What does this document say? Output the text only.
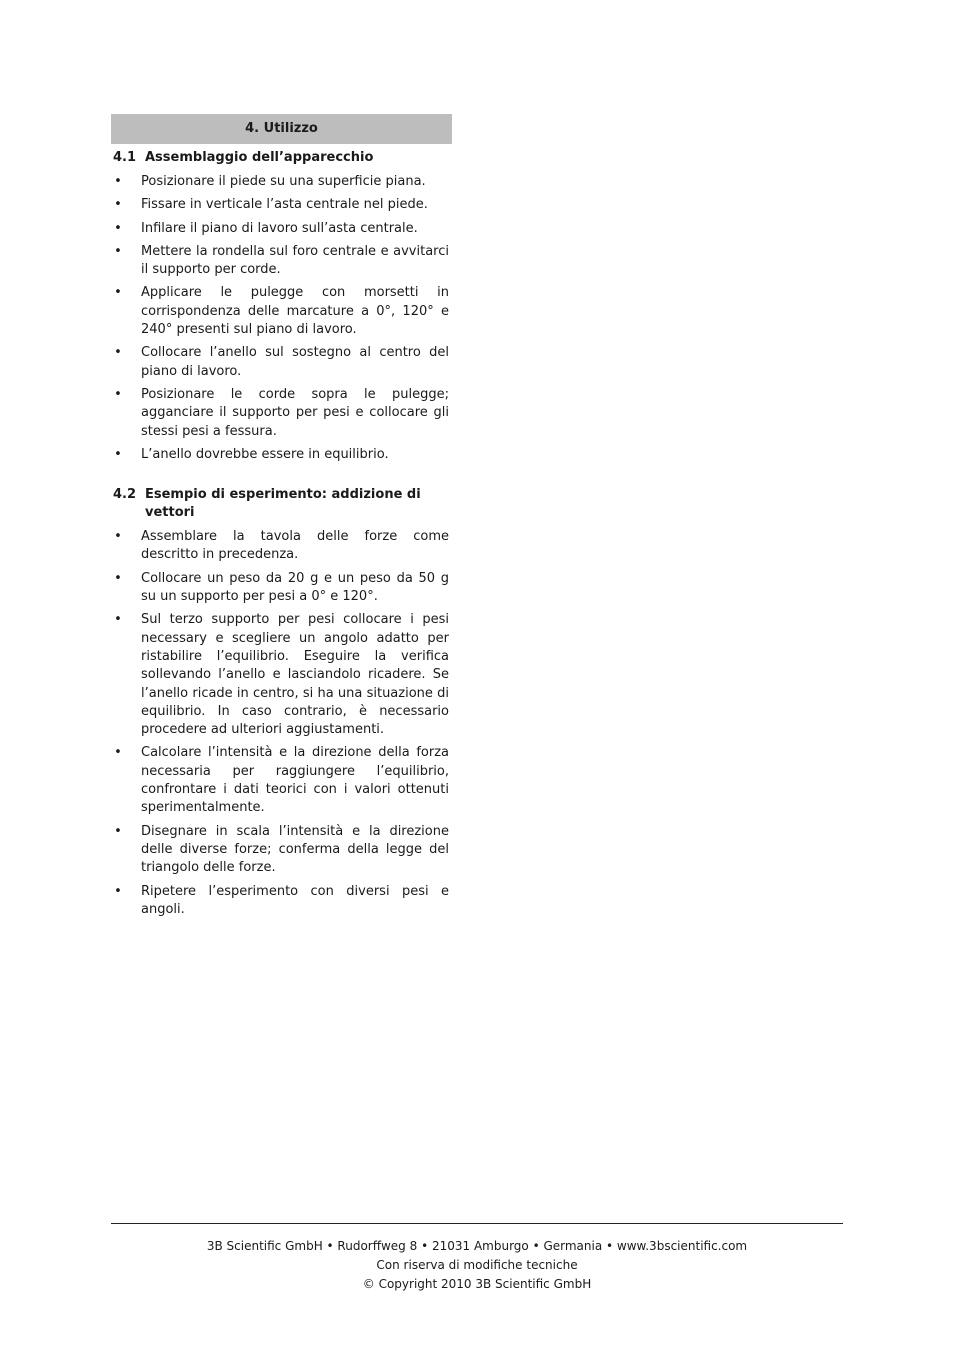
4. Utilizzo
4.1 Assemblaggio dell’apparecchio
• Posizionare il piede su una superficie piana.
• Fissare in verticale l’asta centrale nel piede.
• Infilare il piano di lavoro sull’asta centrale.
• Mettere la rondella sul foro centrale e avvitarci il supporto per corde.
• Applicare le pulegge con morsetti in corrispondenza delle marcature a 0°, 120° e 240° presenti sul piano di lavoro.
• Collocare l’anello sul sostegno al centro del piano di lavoro.
• Posizionare le corde sopra le pulegge; agganciare il supporto per pesi e collocare gli stessi pesi a fessura.
• L’anello dovrebbe essere in equilibrio.
4.2 Esempio di esperimento: addizione di vettori
• Assemblare la tavola delle forze come descritto in precedenza.
• Collocare un peso da 20 g e un peso da 50 g su un supporto per pesi a 0° e 120°.
• Sul terzo supporto per pesi collocare i pesi necessary e scegliere un angolo adatto per ristabilire l’equilibrio. Eseguire la verifica sollevando l’anello e lasciandolo ricadere. Se l’anello ricade in centro, si ha una situazione di equilibrio. In caso contrario, è necessario procedere ad ulteriori aggiustamenti.
• Calcolare l’intensità e la direzione della forza necessaria per raggiungere l’equilibrio, confrontare i dati teorici con i valori ottenuti sperimentalmente.
• Disegnare in scala l’intensità e la direzione delle diverse forze; conferma della legge del triangolo delle forze.
• Ripetere l’esperimento con diversi pesi e angoli.
3B Scientific GmbH • Rudorffweg 8 • 21031 Amburgo • Germania • www.3bscientific.com
Con riserva di modifiche tecniche
© Copyright 2010 3B Scientific GmbH
